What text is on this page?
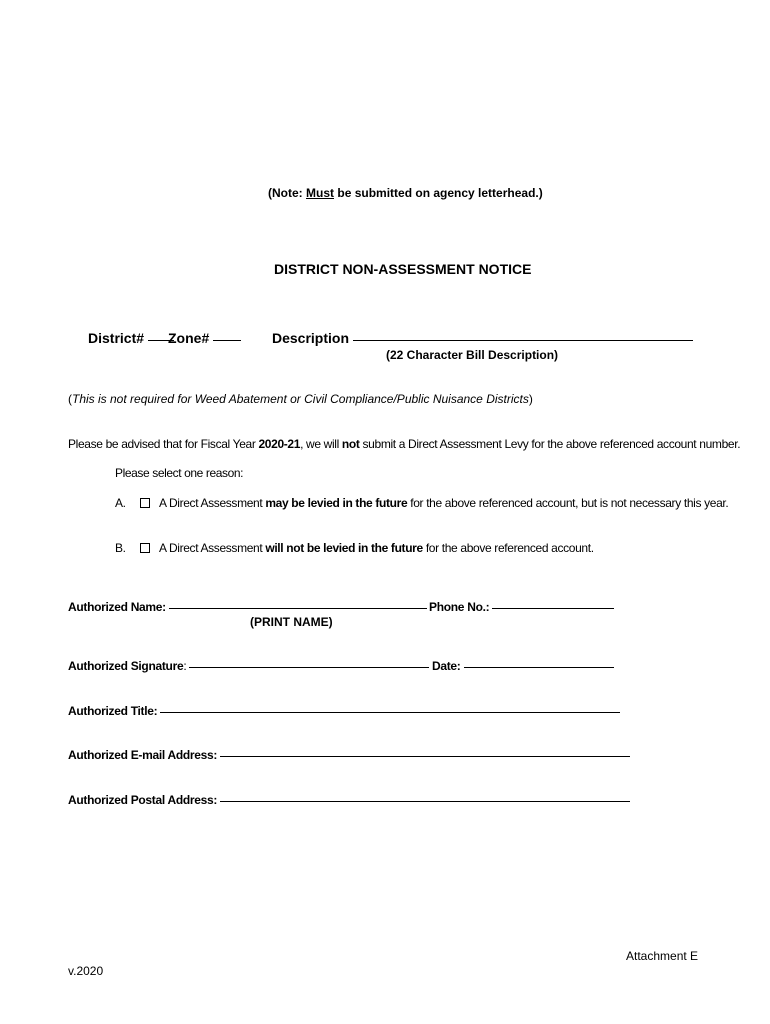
(Note: Must be submitted on agency letterhead.)
DISTRICT NON-ASSESSMENT NOTICE
District#	Zone#	Description
(22 Character Bill Description)
(This is not required for Weed Abatement or Civil Compliance/Public Nuisance Districts)
Please be advised that for Fiscal Year 2020-21, we will not submit a Direct Assessment Levy for the above referenced account number.
Please select one reason:
A.	A Direct Assessment may be levied in the future for the above referenced account, but is not necessary this year.
B.	A Direct Assessment will not be levied in the future for the above referenced account.
Authorized Name:	Phone No.:
(PRINT NAME)
Authorized Signature:	Date:
Authorized Title:
Authorized E-mail Address:
Authorized Postal Address:
Attachment E
v.2020
